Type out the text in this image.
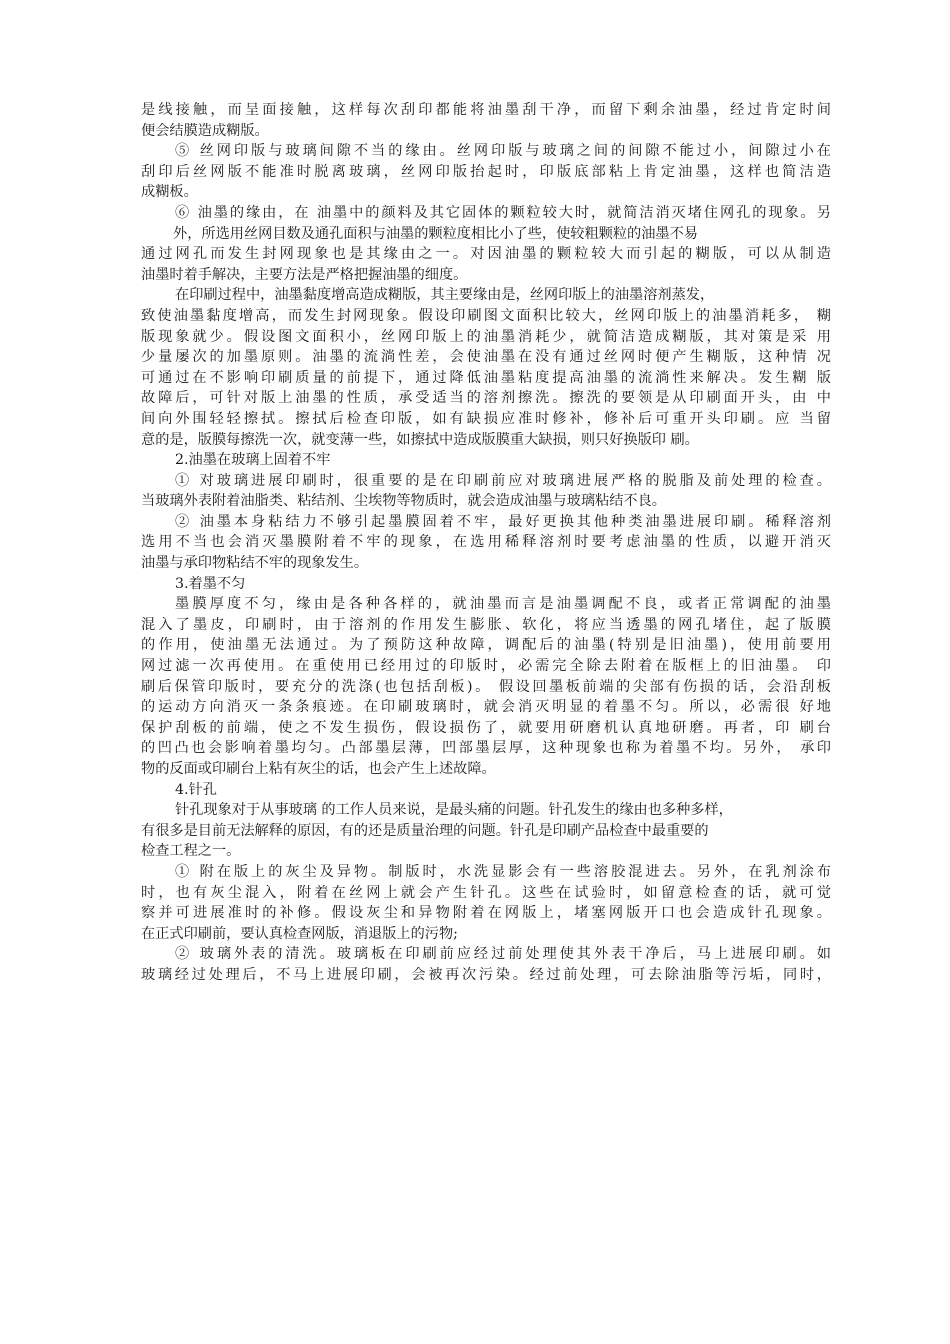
是线接触，而呈面接触，这样每次刮印都能将油墨刮干净，而留下剩余油墨，经过肯定时间
便会结膜造成糊版。
⑤ 丝网印版与玻璃间隙不当的缘由。丝网印版与玻璃之间的间隙不能过小，间隙过小在
刮印后丝网版不能准时脱离玻璃，丝网印版抬起时，印版底部粘上肯定油墨，这样也简洁造
成糊板。
⑥ 油墨的缘由，在 油墨中的颜料及其它固体的颗粒较大时，就简洁消灭堵住网孔的现象。另
外，所选用丝网目数及通孔面积与油墨的颗粒度相比小了些，使较粗颗粒的油墨不易
通过网孔而发生封网现象也是其缘由之一。对因油墨的颗粒较大而引起的糊版，可以从制造
油墨时着手解决，主要方法是严格把握油墨的细度。
在印刷过程中，油墨黏度增高造成糊版，其主要缘由是，丝网印版上的油墨溶剂蒸发，
致使油墨黏度增高，而发生封网现象。假设印刷图文面积比较大，丝网印版上的油墨消耗多， 糊
版现象就少。假设图文面积小，丝网印版上的油墨消耗少，就简洁造成糊版，其对策是采 用
少量屡次的加墨原则。油墨的流淌性差，会使油墨在没有通过丝网时便产生糊版，这种情 况
可通过在不影响印刷质量的前提下，通过降低油墨粘度提高油墨的流淌性来解决。发生糊 版
故障后，可针对版上油墨的性质，承受适当的溶剂擦洗。擦洗的要领是从印刷面开头，由 中
间向外围轻轻擦拭。擦拭后检查印版，如有缺损应准时修补，修补后可重开头印刷。应 当留
意的是，版膜每擦洗一次，就变薄一些，如擦拭中造成版膜重大缺损，则只好换版印 刷。
2.油墨在玻璃上固着不牢
① 对玻璃进展印刷时，很重要的是在印刷前应对玻璃进展严格的脱脂及前处理的检查。
当玻璃外表附着油脂类、粘结剂、尘埃物等物质时，就会造成油墨与玻璃粘结不良。
② 油墨本身粘结力不够引起墨膜固着不牢，最好更换其他种类油墨进展印刷。稀释溶剂
选用不当也会消灭墨膜附着不牢的现象，在选用稀释溶剂时要考虑油墨的性质，以避开消灭
油墨与承印物粘结不牢的现象发生。
3.着墨不匀
墨膜厚度不匀，缘由是各种各样的，就油墨而言是油墨调配不良，或者正常调配的油墨
混入了墨皮，印刷时，由于溶剂的作用发生膨胀、软化，将应当透墨的网孔堵住，起了版膜
的作用，使油墨无法通过。为了预防这种故障，调配后的油墨(特别是旧油墨)，使用前要用
网过滤一次再使用。在重使用已经用过的印版时，必需完全除去附着在版框上的旧油墨。 印
刷后保管印版时，要充分的洗涤(也包括刮板)。 假设回墨板前端的尖部有伤损的话，会沿刮板
的运动方向消灭一条条痕迹。在印刷玻璃时，就会消灭明显的着墨不匀。所以，必需很 好地
保护刮板的前端，使之不发生损伤，假设损伤了，就要用研磨机认真地研磨。再者，印 刷台
的凹凸也会影响着墨均匀。凸部墨层薄，凹部墨层厚，这种现象也称为着墨不均。另外， 承印
物的反面或印刷台上粘有灰尘的话，也会产生上述故障。
4.针孔
针孔现象对于从事玻璃 的工作人员来说，是最头痛的问题。针孔发生的缘由也多种多样，
有很多是目前无法解释的原因，有的还是质量治理的问题。针孔是印刷产品检查中最重要的
检查工程之一。
① 附在版上的灰尘及异物。制版时，水洗显影会有一些溶胶混进去。另外，在乳剂涂布
时，也有灰尘混入，附着在丝网上就会产生针孔。这些在试验时，如留意检查的话，就可觉
察并可进展准时的补修。假设灰尘和异物附着在网版上，堵塞网版开口也会造成针孔现象。
在正式印刷前，要认真检查网版，消退版上的污物;
② 玻璃外表的清洗。玻璃板在印刷前应经过前处理使其外表干净后，马上进展印刷。如
玻璃经过处理后，不马上进展印刷，会被再次污染。经过前处理，可去除油脂等污垢，同时，
